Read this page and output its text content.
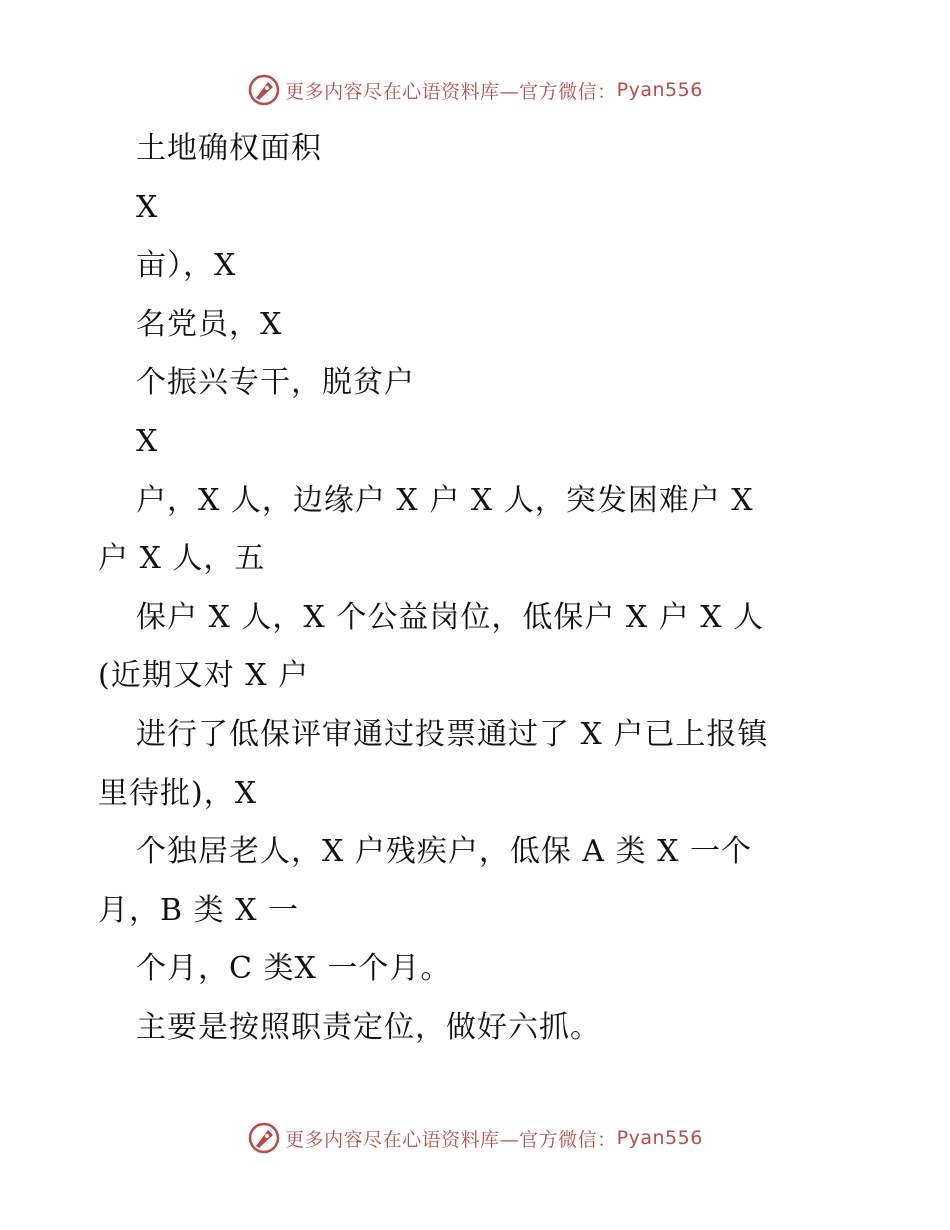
更多内容尽在心语资料库—官方微信： Pyan556
土地确权面积
X
亩），X
名党员，X
个振兴专干，脱贫户
X
户，X 人，边缘户 X 户 X 人，突发困难户 X
户 X 人，五
保户 X 人，X 个公益岗位，低保户 X 户 X 人
(近期又对 X 户
进行了低保评审通过投票通过了 X 户已上报镇
里待批)，X
个独居老人，X 户残疾户，低保 A 类 X 一个
月，B 类 X 一
个月，C 类X 一个月。
主要是按照职责定位，做好六抓。
更多内容尽在心语资料库—官方微信： Pyan556
